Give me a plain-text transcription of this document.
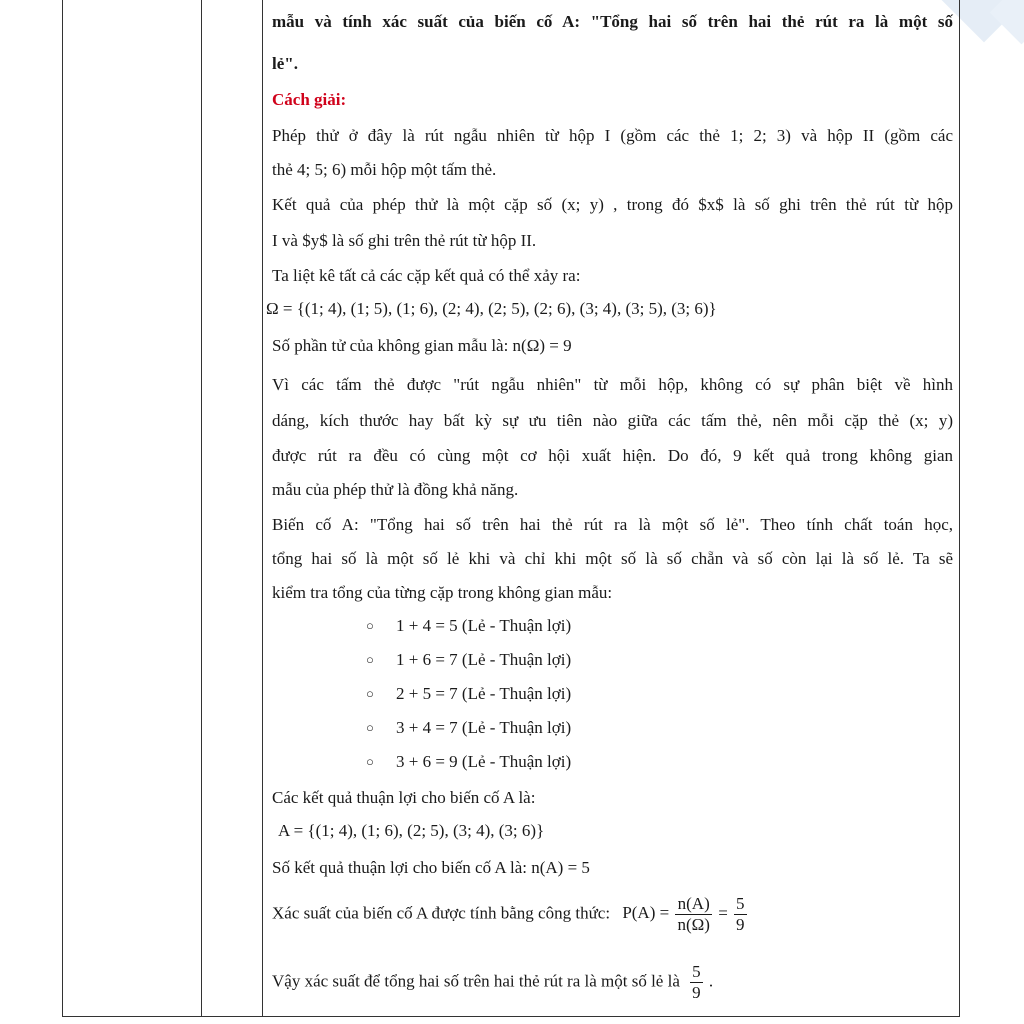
mẫu và tính xác suất của biến cố A: "Tổng hai số trên hai thẻ rút ra là một số
lẻ".
Cách giải:
Phép thử ở đây là rút ngẫu nhiên từ hộp I (gồm các thẻ 1; 2; 3) và hộp II (gồm các
thẻ 4; 5; 6) mỗi hộp một tấm thẻ.
Kết quả của phép thử là một cặp số (x; y) , trong đó $x$ là số ghi trên thẻ rút từ hộp
I và $y$ là số ghi trên thẻ rút từ hộp II.
Ta liệt kê tất cả các cặp kết quả có thể xảy ra:
Ω = {(1; 4), (1; 5), (1; 6), (2; 4), (2; 5), (2; 6), (3; 4), (3; 5), (3; 6)}
Số phần tử của không gian mẫu là: n(Ω) = 9
Vì các tấm thẻ được "rút ngẫu nhiên" từ mỗi hộp, không có sự phân biệt về hình
dáng, kích thước hay bất kỳ sự ưu tiên nào giữa các tấm thẻ, nên mỗi cặp thẻ (x; y)
được rút ra đều có cùng một cơ hội xuất hiện. Do đó, 9 kết quả trong không gian
mẫu của phép thử là đồng khả năng.
Biến cố A: "Tổng hai số trên hai thẻ rút ra là một số lẻ". Theo tính chất toán học,
tổng hai số là một số lẻ khi và chỉ khi một số là số chẵn và số còn lại là số lẻ. Ta sẽ
kiểm tra tổng của từng cặp trong không gian mẫu:
○ 1 + 4 = 5 (Lẻ - Thuận lợi)
○ 1 + 6 = 7 (Lẻ - Thuận lợi)
○ 2 + 5 = 7 (Lẻ - Thuận lợi)
○ 3 + 4 = 7 (Lẻ - Thuận lợi)
○ 3 + 6 = 9 (Lẻ - Thuận lợi)
Các kết quả thuận lợi cho biến cố A là:
A = {(1; 4), (1; 6), (2; 5), (3; 4), (3; 6)}
Số kết quả thuận lợi cho biến cố A là: n(A) = 5
Xác suất của biến cố A được tính bằng công thức: $P(A) = \frac{n(A)}{n(\Omega)} = \frac{5}{9}$
Vậy xác suất để tổng hai số trên hai thẻ rút ra là một số lẻ là $\frac{5}{9}$ .
